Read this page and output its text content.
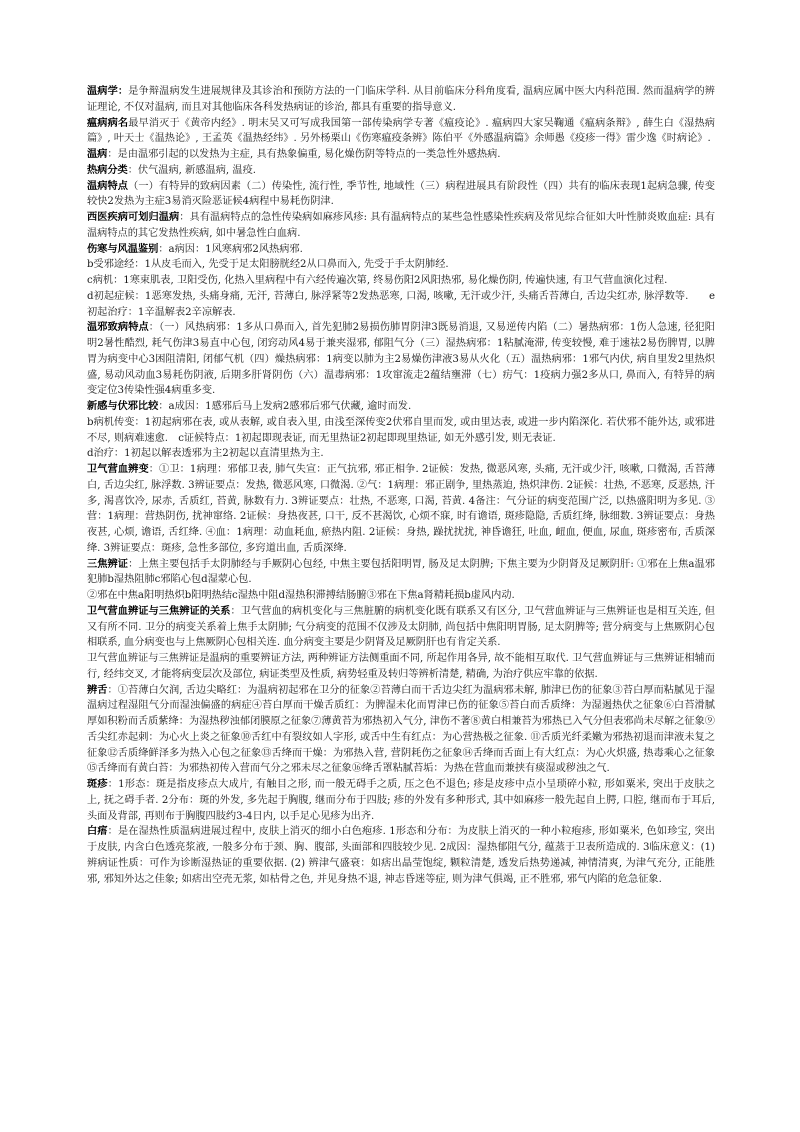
温病学：是争辩温病发生进展规律及其诊治和预防方法的一门临床学科. 从目前临床分科角度看, 温病应属中医大内科范围. 然而温病学的辨证理论, 不仅对温病, 而且对其他临床各科发热病证的诊治, 都具有重要的指导意义.

瘟病病名最早消灭于《黄帝内经》. 明末吴又可写成我国第一部传染病学专著《瘟疫论》. 瘟病四大家吴鞠通《瘟病条辩》, 薛生白《湿热病篇》, 叶天士《温热论》, 王孟英《温热经纬》. 另外杨栗山《伤寒瘟疫条辨》陈伯平《外感温病篇》余师愚《疫疹一得》雷少逸《时病论》.

温病：是由温邪引起的以发热为主症, 具有热象偏重, 易化燥伤阴等特点的一类急性外感热病.

热病分类：伏气温病, 新感温病, 温疫.

温病特点（一）有特异的致病因素（二）传染性, 流行性, 季节性, 地域性（三）病程进展具有阶段性（四）共有的临床表现1起病急骤, 传变较快2发热为主症3易消灭险恶证候4病程中易耗伤阴津.

西医疾病可划归温病：具有温病特点的急性传染病如麻疹风疹: 具有温病特点的某些急性感染性疾病及常见综合征如大叶性肺炎败血症: 具有温病特点的其它发热性疾病, 如中暑急性白血病.

伤寒与风温鉴别：a病因：1风寒病邪2风热病邪.

b受邪途经：1从皮毛而入, 先受于足太阳膀胱经2从口鼻而入, 先受于手太阴肺经.

c病机：1寒束肌表, 卫阳受伤, 化热入里病程中有六经传遍次第, 终易伤阳2风阳热邪, 易化燥伤阴, 传遍快速, 有卫气营血演化过程.

d初起症候：1恶寒发热, 头痛身痛, 无汗, 苔薄白, 脉浮紧等2发热恶寒, 口渴, 咳嗽, 无汗或少汗, 头痛舌苔薄白, 舌边尖红赤, 脉浮数等.　　e初起治疗：1辛温解表2辛凉解表.

温邪致病特点：（一）风热病邪：1多从口鼻而入, 首先犯肺2易损伤肺胃阴津3既易消退, 又易逆传内陷（二）暑热病邪：1伤人急速, 径犯阳明2暑性酷烈, 耗气伤津3易直中心包, 闭窍动风4易于兼夹湿邪, 郁阻气分（三）湿热病邪：1粘腻淹滞, 传变较慢, 难于速祛2易伤脾胃, 以脾胃为病变中心3困阻清阳, 闭郁气机（四）燥热病邪：1病变以肺为主2易燥伤津液3易从火化（五）温热病邪：1邪气内伏, 病自里发2里热炽盛, 易动风动血3易耗伤阴液, 后期多肝肾阴伤（六）温毒病邪：1攻窜流走2蕴结壅滞（七）疠气：1疫病力强2多从口, 鼻而入, 有特异的病变定位3传染性强4病重多变.

新感与伏邪比较：a成因：1感邪后马上发病2感邪后邪气伏藏, 逾时而发.

b病机传变：1初起病邪在表, 或从表解, 或自表入里, 由浅至深传变2伏邪自里而发, 或由里达表, 或进一步内陷深化. 若伏邪不能外达, 或邪进不尽, 则病难速愈.　c证候特点：1初起即现表证, 而无里热证2初起即现里热证, 如无外感引发, 则无表证.

d治疗：1初起以解表透邪为主2初起以直清里热为主.

卫气营血辨变：①卫：1病理：邪郁卫表, 肺气失宣：正气抗邪, 邪正相争. 2证候：发热, 微恶风寒, 头痛, 无汗或少汗, 咳嗽, 口微渴, 舌苔薄白, 舌边尖红, 脉浮数. 3辨证要点：发热, 微恶风寒, 口微渴. ②气：1病理：邪正剧争, 里热蒸迫, 热炽津伤. 2证候：壮热, 不恶寒, 反恶热, 汗多, 渴喜饮冷, 尿赤, 舌质红, 苔黄, 脉数有力. 3辨证要点：壮热, 不恶寒, 口渴, 苔黄. 4备注：气分证的病变范围广泛, 以热盛阳明为多见. ③营：1病理：营热阴伤, 扰神窜络. 2证候：身热夜甚, 口干, 反不甚渴饮, 心烦不寐, 时有谵语, 斑疹隐隐, 舌质红绛, 脉细数. 3辨证要点：身热夜甚, 心烦, 谵语, 舌红绛. ④血：1病理：动血耗血, 瘀热内阻. 2证候：身热, 躁扰扰扰, 神昏谵狂, 吐血, 衄血, 便血, 尿血, 斑疹密布, 舌质深绛. 3辨证要点：斑疹, 急性多部位, 多窍道出血, 舌质深绛.

三焦辨证：上焦主要包括手太阴肺经与手厥阴心包经, 中焦主要包括阳明胃, 肠及足太阴脾; 下焦主要为少阴肾及足厥阴肝: ①邪在上焦a温邪犯肺b湿热阻肺c邪陷心包d湿蒙心包.

②邪在中焦a阳明热炽b阳明热结c湿热中阻d湿热积滞搏结肠腑③邪在下焦a肾精耗损b虚风内动.

卫气营血辨证与三焦辨证的关系：卫气营血的病机变化与三焦脏腑的病机变化既有联系又有区分, 卫气营血辨证与三焦辨证也是相互关连, 但又有所不同. 卫分的病变关系着上焦手太阴肺; 气分病变的范围不仅涉及太阴肺, 尚包括中焦阳明胃肠, 足太阴脾等; 营分病变与上焦厥阴心包相联系, 血分病变也与上焦厥阴心包相关连. 血分病变主要是少阴肾及足厥阴肝也有肯定关系.

卫气营血辨证与三焦辨证是温病的重要辨证方法, 两种辨证方法侧重面不同, 所起作用各异, 故不能相互取代. 卫气营血辨证与三焦辨证相辅而行, 经纬交叉, 才能将病变层次及部位, 病证类型及性质, 病势轻重及转归等辨析清楚, 精确, 为治疗供应牢靠的依据.

辨舌：①苔薄白欠润, 舌边尖略红：为温病初起邪在卫分的征象②苔薄白而干舌边尖红为温病邪未解, 肺津已伤的征象③苔白厚而粘腻见于湿温病过程湿阻气分而湿浊偏盛的病症④苔白厚而干燥舌质红：为脾湿未化而胃津已伤的征象⑤苔白而舌质绛：为湿遏热伏之征象⑥白苔滑腻厚如积粉而舌质紫绛：为湿热秽浊郁闭膜原之征象⑦薄黄苔为邪热初入气分, 津伤不著⑧黄白相兼苔为邪热已入气分但表邪尚未尽解之征象⑨舌尖红赤起刺：为心火上炎之征象⑩舌红中有裂纹如人字形, 或舌中生有红点：为心营热极之征象. ⑪舌质光纤柔嫩为邪热初退而津液未复之征象⑫舌质绛鲜泽多为热入心包之征象⑬舌绛而干燥：为邪热入营, 营阴耗伤之征象⑭舌绛而舌面上有大红点：为心火炽盛, 热毒乘心之征象⑮舌绛而有黄白苔：为邪热初传入营而气分之邪未尽之征象⑯绛舌罩粘腻苔垢：为热在营血而兼挟有痰湿或秽浊之气.

斑疹：1形态：斑是指皮疹点大成片, 有触目之形, 而一般无碍手之质, 压之色不退色; 疹是皮疹中点小呈琐碎小粒, 形如粟米, 突出于皮肤之上, 抚之碍手者. 2分布：斑的外发, 多先起于胸腹, 继而分布于四肢; 疹的外发有多种形式, 其中如麻疹一般先起自上腭, 口腔, 继而布于耳后, 头面及背部, 再则布于胸腹四肢约3-4日内, 以手足心见疹为出齐.

白痦：是在湿热性质温病进展过程中, 皮肤上消灭的细小白色疱疹. 1形态和分布：为皮肤上消灭的一种小粒疱疹, 形如粟米, 色如珍宝, 突出于皮肤, 内含白色透亮浆液, 一般多分布于颈、胸、腹部, 头面部和四肢较少见. 2成因：湿热郁阻气分, 蕴蒸于卫表所造成的. 3临床意义：(1) 辨病证性质：可作为诊断湿热证的重要依据. (2) 辨津气盛衰：如痞出晶莹饱绽, 颗粒清楚, 透发后热势递减, 神情清爽, 为津气充分, 正能胜邪, 邪知外达之佳象; 如痞出空壳无浆, 如枯骨之色, 并见身热不退, 神志昏迷等症, 则为津气俱竭, 正不胜邪, 邪气内陷的危急征象.
